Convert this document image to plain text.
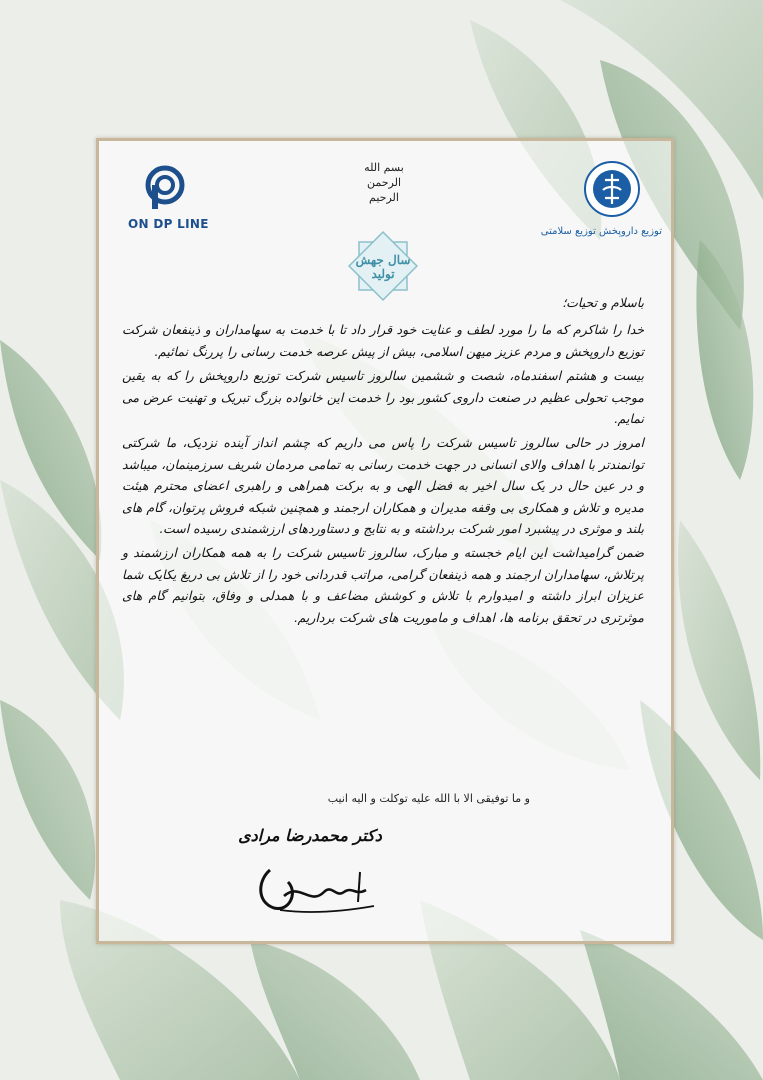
ON DP LINE
توزیع داروپخش توزیع سلامتی
بسم الله الرحمن الرحیم
سال جهش تولید

باسلام و تحیات؛

خدا را شاکرم که ما را مورد لطف و عنایت خود قرار داد تا با خدمت به سهامداران و ذینفعان شرکت توزیع داروپخش و مردم عزیز میهن اسلامی، بیش از پیش عرصه خدمت رسانی را پررنگ نمائیم.

بیست و هشتم اسفندماه، شصت و ششمین سالروز تاسیس شرکت توزیع داروپخش را که به یقین موجب تحولی عظیم در صنعت داروی کشور بود را خدمت این خانواده بزرگ تبریک و تهنیت عرض می نمایم.

امروز در حالی سالروز تاسیس شرکت را پاس می داریم که چشم انداز آینده نزدیک، ما شرکتی توانمندتر با اهداف والای انسانی در جهت خدمت رسانی به تمامی مردمان شریف سرزمینمان، میباشد و در عین حال در یک سال اخیر به فضل الهی و به برکت همراهی و راهبری اعضای محترم هیئت مدیره و تلاش و همکاری بی وقفه مدیران و همکاران ارجمند و همچنین شبکه فروش پرتوان، گام های بلند و موثری در پیشبرد امور شرکت برداشته و به نتایج و دستاوردهای ارزشمندی رسیده است.

ضمن گرامیداشت این ایام خجسته و مبارک، سالروز تاسیس شرکت را به همه همکاران ارزشمند و پرتلاش، سهامداران ارجمند و همه ذینفعان گرامی، مراتب قدردانی خود را از تلاش بی دریغ یکایک شما عزیزان ابراز داشته و امیدوارم با تلاش و کوشش مضاعف و با همدلی و وفاق، بتوانیم گام های موثرتری در تحقق برنامه ها، اهداف و ماموریت های شرکت برداریم.

و ما توفیقی الا با الله علیه توکلت و الیه انیب
دکتر محمدرضا مرادی
